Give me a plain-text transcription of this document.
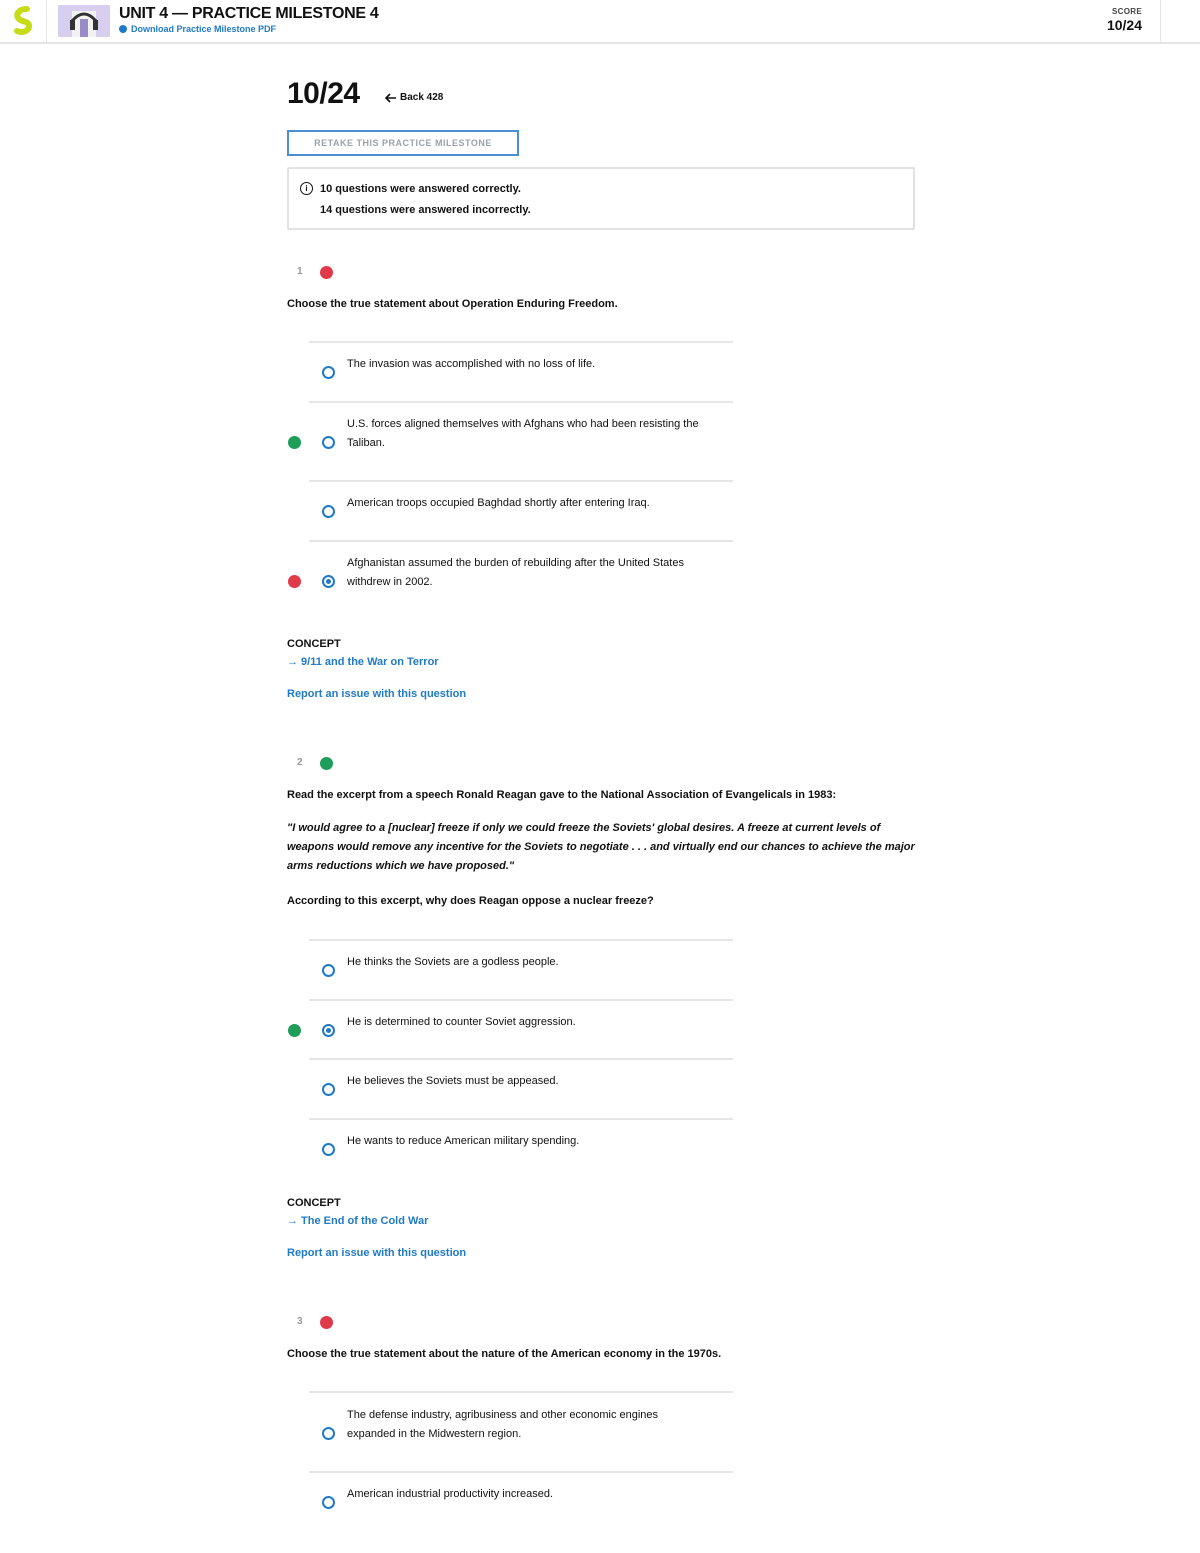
UNIT 4 — PRACTICE MILESTONE 4
Download Practice Milestone PDF
SCORE
10/24
10/24	Back 428
RETAKE THIS PRACTICE MILESTONE
i	10 questions were answered correctly.
14 questions were answered incorrectly.
1
Choose the true statement about Operation Enduring Freedom.
The invasion was accomplished with no loss of life.
U.S. forces aligned themselves with Afghans who had been resisting the Taliban.
American troops occupied Baghdad shortly after entering Iraq.
Afghanistan assumed the burden of rebuilding after the United States withdrew in 2002.
CONCEPT
→ 9/11 and the War on Terror
Report an issue with this question
2
Read the excerpt from a speech Ronald Reagan gave to the National Association of Evangelicals in 1983:
"I would agree to a [nuclear] freeze if only we could freeze the Soviets' global desires. A freeze at current levels of weapons would remove any incentive for the Soviets to negotiate . . . and virtually end our chances to achieve the major arms reductions which we have proposed."
According to this excerpt, why does Reagan oppose a nuclear freeze?
He thinks the Soviets are a godless people.
He is determined to counter Soviet aggression.
He believes the Soviets must be appeased.
He wants to reduce American military spending.
CONCEPT
→ The End of the Cold War
Report an issue with this question
3
Choose the true statement about the nature of the American economy in the 1970s.
The defense industry, agribusiness and other economic engines expanded in the Midwestern region.
American industrial productivity increased.
